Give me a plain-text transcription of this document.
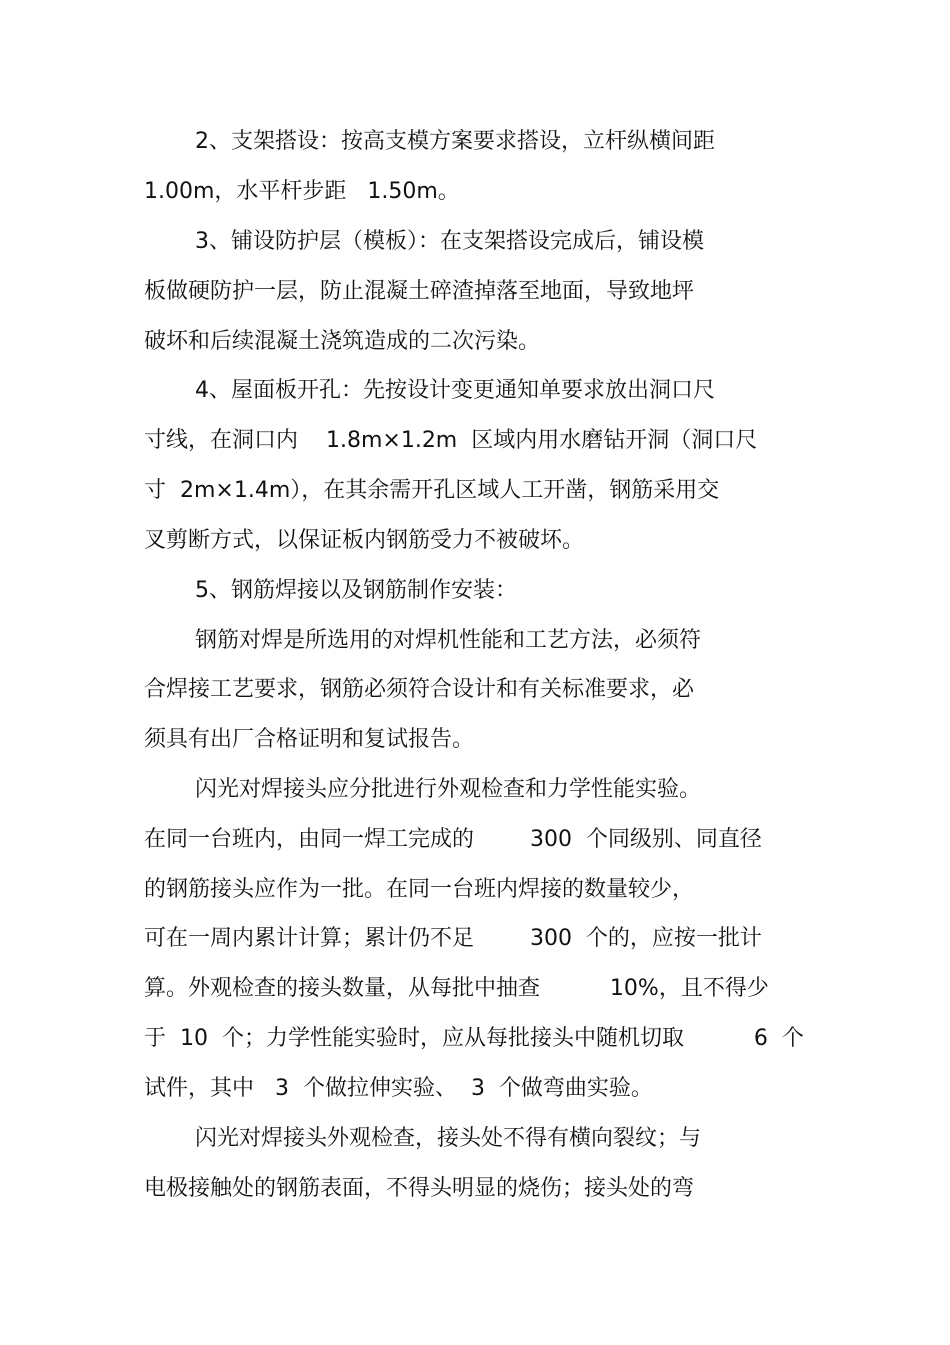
2、支架搭设：按高支模方案要求搭设，立杆纵横间距
1.00m，水平杆步距   1.50m。
3、铺设防护层（模板）：在支架搭设完成后，铺设模
板做硬防护一层，防止混凝土碎渣掉落至地面，导致地坪
破坏和后续混凝土浇筑造成的二次污染。
4、屋面板开孔：先按设计变更通知单要求放出洞口尺
寸线，在洞口内    1.8m×1.2m  区域内用水磨钻开洞（洞口尺
寸  2m×1.4m），在其余需开孔区域人工开凿，钢筋采用交
叉剪断方式，以保证板内钢筋受力不被破坏。
5、钢筋焊接以及钢筋制作安装：
钢筋对焊是所选用的对焊机性能和工艺方法，必须符
合焊接工艺要求，钢筋必须符合设计和有关标准要求，必
须具有出厂合格证明和复试报告。
闪光对焊接头应分批进行外观检查和力学性能实验。
在同一台班内，由同一焊工完成的        300  个同级别、同直径
的钢筋接头应作为一批。在同一台班内焊接的数量较少，
可在一周内累计计算；累计仍不足        300  个的，应按一批计
算。外观检查的接头数量，从每批中抽查          10%，且不得少
于  10  个；力学性能实验时，应从每批接头中随机切取          6  个
试件，其中   3  个做拉伸实验、  3  个做弯曲实验。
闪光对焊接头外观检查，接头处不得有横向裂纹；与
电极接触处的钢筋表面，不得头明显的烧伤；接头处的弯
